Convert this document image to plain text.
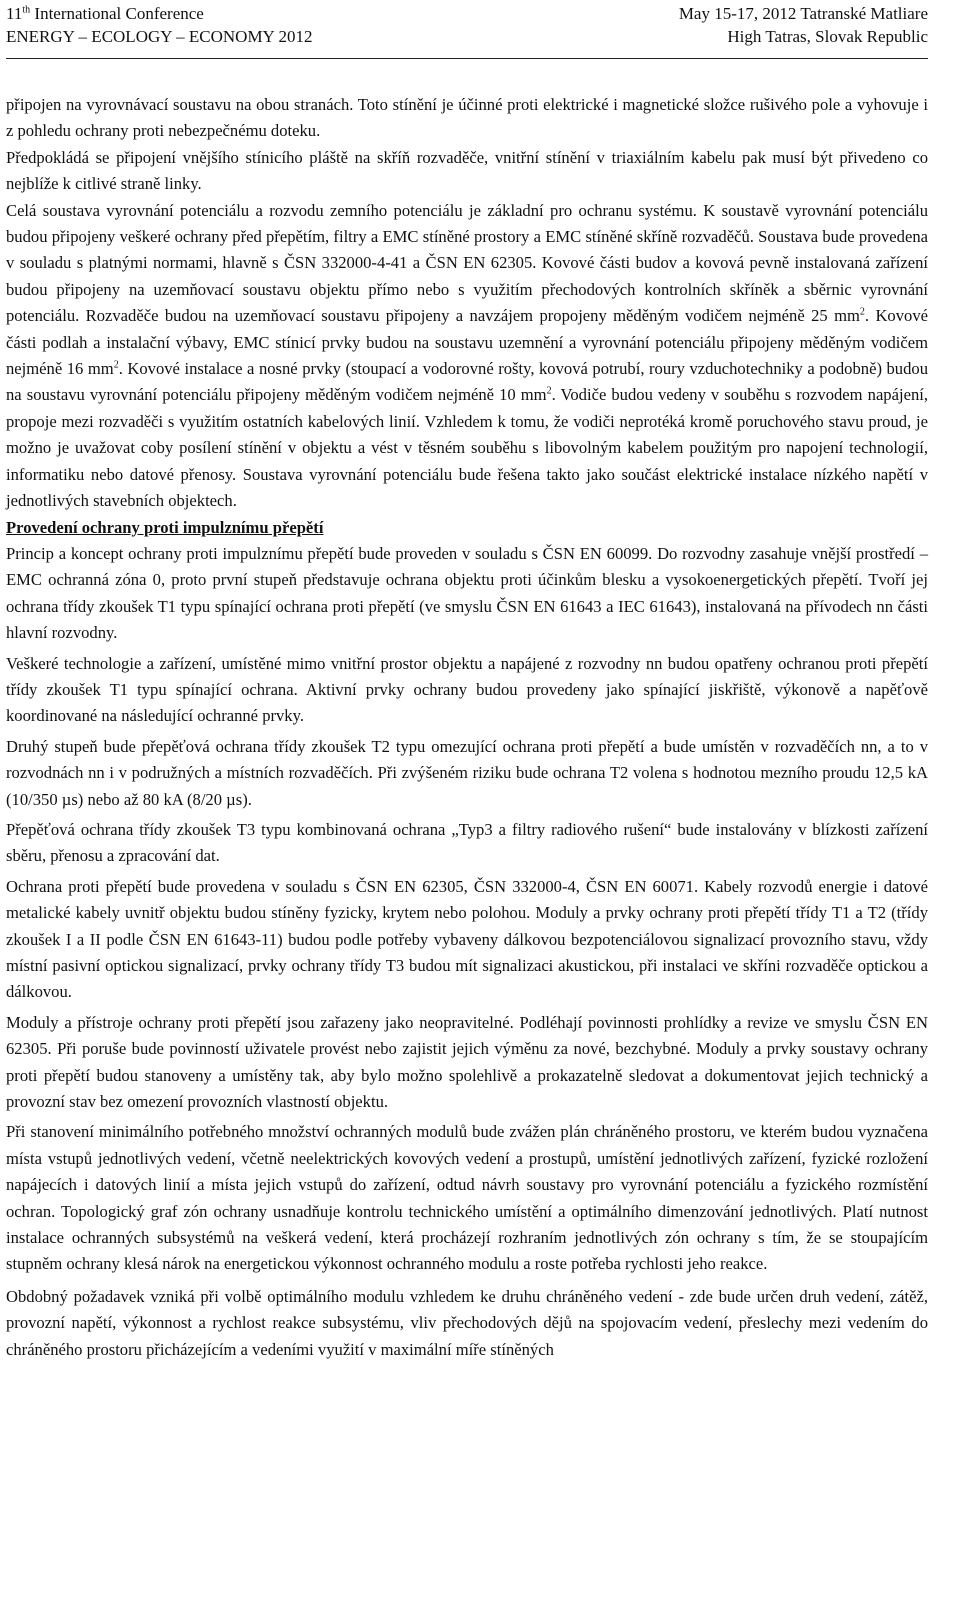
11th International Conference
ENERGY – ECOLOGY – ECONOMY 2012
May 15-17, 2012 Tatranské Matliare
High Tatras, Slovak Republic

připojen na vyrovnávací soustavu na obou stranách. Toto stínění je účinné proti elektrické i magnetické složce rušivého pole a vyhovuje i z pohledu ochrany proti nebezpečnému doteku.

Předpokládá se připojení vnějšího stínicího pláště na skříň rozvaděče, vnitřní stínění v triaxiálním kabelu pak musí být přivedeno co nejblíže k citlivé straně linky.

Celá soustava vyrovnání potenciálu a rozvodu zemního potenciálu je základní pro ochranu systému. K soustavě vyrovnání potenciálu budou připojeny veškeré ochrany před přepětím, filtry a EMC stíněné prostory a EMC stíněné skříně rozvaděčů. Soustava bude provedena v souladu s platnými normami, hlavně s ČSN 332000-4-41 a ČSN EN 62305. Kovové části budov a kovová pevně instalovaná zařízení budou připojeny na uzemňovací soustavu objektu přímo nebo s využitím přechodových kontrolních skříněk a sběrnic vyrovnání potenciálu. Rozvaděče budou na uzemňovací soustavu připojeny a navzájem propojeny měděným vodičem nejméně 25 $mm^2$. Kovové části podlah a instalační výbavy, EMC stínicí prvky budou na soustavu uzemnění a vyrovnání potenciálu připojeny měděným vodičem nejméně 16 $mm^2$. Kovové instalace a nosné prvky (stoupací a vodorovné rošty, kovová potrubí, roury vzduchotechniky a podobně) budou na soustavu vyrovnání potenciálu připojeny měděným vodičem nejméně 10 $mm^2$. Vodiče budou vedeny v souběhu s rozvodem napájení, propoje mezi rozvaděči s využitím ostatních kabelových linií. Vzhledem k tomu, že vodiči neprotéká kromě poruchového stavu proud, je možno je uvažovat coby posílení stínění v objektu a vést v těsném souběhu s libovolným kabelem použitým pro napojení technologií, informatiku nebo datové přenosy. Soustava vyrovnání potenciálu bude řešena takto jako součást elektrické instalace nízkého napětí v jednotlivých stavebních objektech.

Provedení ochrany proti impulznímu přepětí

Princip a koncept ochrany proti impulznímu přepětí bude proveden v souladu s ČSN EN 60099. Do rozvodny zasahuje vnější prostředí – EMC ochranná zóna 0, proto první stupeň představuje ochrana objektu proti účinkům blesku a vysokoenergetických přepětí. Tvoří jej ochrana třídy zkoušek T1 typu spínající ochrana proti přepětí (ve smyslu ČSN EN 61643 a IEC 61643), instalovaná na přívodech nn části hlavní rozvodny.

Veškeré technologie a zařízení, umístěné mimo vnitřní prostor objektu a napájené z rozvodny nn budou opatřeny ochranou proti přepětí třídy zkoušek T1 typu spínající ochrana. Aktivní prvky ochrany budou provedeny jako spínající jiskřiště, výkonově a napěťově koordinované na následující ochranné prvky.

Druhý stupeň bude přepěťová ochrana třídy zkoušek T2 typu omezující ochrana proti přepětí a bude umístěn v rozvaděčích nn, a to v rozvodnách nn i v podružných a místních rozvaděčích. Při zvýšeném riziku bude ochrana T2 volena s hodnotou mezního proudu 12,5 kA (10/350 µs) nebo až 80 kA (8/20 µs).

Přepěťová ochrana třídy zkoušek T3 typu kombinovaná ochrana „Typ3 a filtry radiového rušení“ bude instalovány v blízkosti zařízení sběru, přenosu a zpracování dat.

Ochrana proti přepětí bude provedena v souladu s ČSN EN 62305, ČSN 332000-4, ČSN EN 60071. Kabely rozvodů energie i datové metalické kabely uvnitř objektu budou stíněny fyzicky, krytem nebo polohou. Moduly a prvky ochrany proti přepětí třídy T1 a T2 (třídy zkoušek I a II podle ČSN EN 61643-11) budou podle potřeby vybaveny dálkovou bezpotenciálovou signalizací provozního stavu, vždy místní pasivní optickou signalizací, prvky ochrany třídy T3 budou mít signalizaci akustickou, při instalaci ve skříni rozvaděče optickou a dálkovou.

Moduly a přístroje ochrany proti přepětí jsou zařazeny jako neopravitelné. Podléhají povinnosti prohlídky a revize ve smyslu ČSN EN 62305. Při poruše bude povinností uživatele provést nebo zajistit jejich výměnu za nové, bezchybné. Moduly a prvky soustavy ochrany proti přepětí budou stanoveny a umístěny tak, aby bylo možno spolehlivě a prokazatelně sledovat a dokumentovat jejich technický a provozní stav bez omezení provozních vlastností objektu.

Při stanovení minimálního potřebného množství ochranných modulů bude zvážen plán chráněného prostoru, ve kterém budou vyznačena místa vstupů jednotlivých vedení, včetně neelektrických kovových vedení a prostupů, umístění jednotlivých zařízení, fyzické rozložení napájecích i datových linií a místa jejich vstupů do zařízení, odtud návrh soustavy pro vyrovnání potenciálu a fyzického rozmístění ochran. Topologický graf zón ochrany usnadňuje kontrolu technického umístění a optimálního dimenzování jednotlivých. Platí nutnost instalace ochranných subsystémů na veškerá vedení, která procházejí rozhraním jednotlivých zón ochrany s tím, že se stoupajícím stupněm ochrany klesá nárok na energetickou výkonnost ochranného modulu a roste potřeba rychlosti jeho reakce.

Obdobný požadavek vzniká při volbě optimálního modulu vzhledem ke druhu chráněného vedení - zde bude určen druh vedení, zátěž, provozní napětí, výkonnost a rychlost reakce subsystému, vliv přechodových dějů na spojovacím vedení, přeslechy mezi vedením do chráněného prostoru přicházejícím a vedeními využití v maximální míře stíněných
